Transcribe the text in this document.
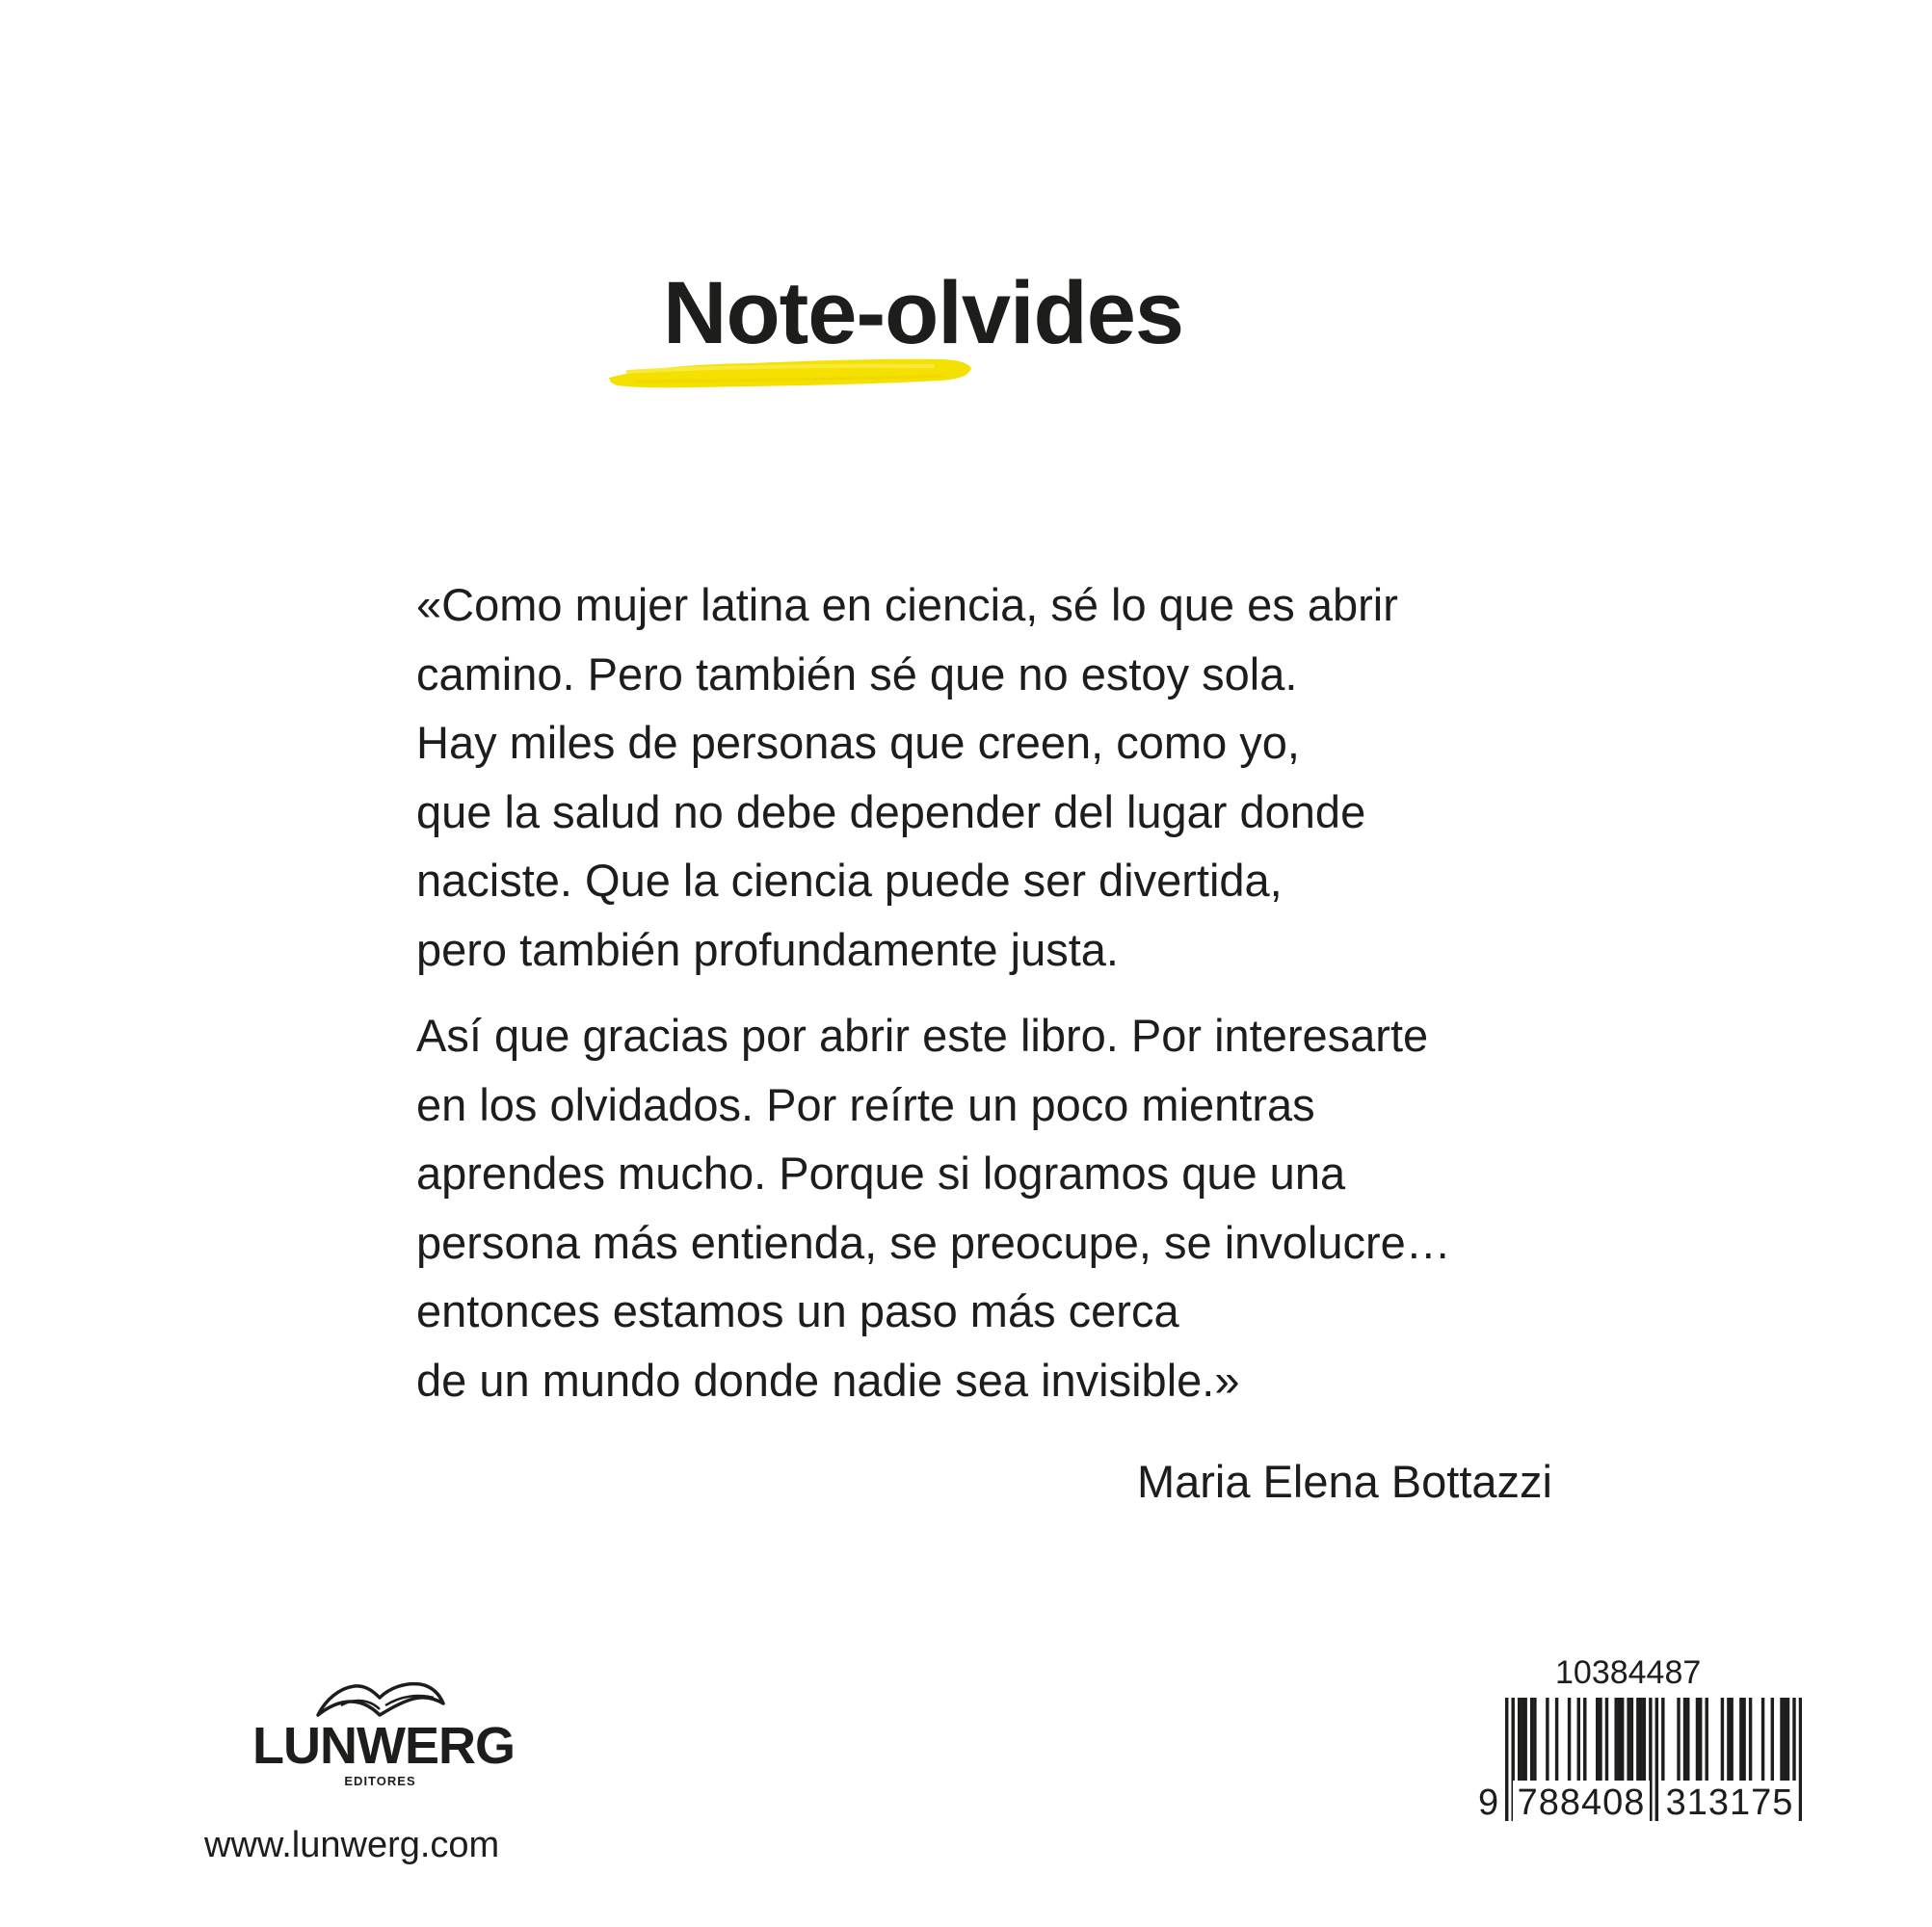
Note-olvides

«Como mujer latina en ciencia, sé lo que es abrir
camino. Pero también sé que no estoy sola.
Hay miles de personas que creen, como yo,
que la salud no debe depender del lugar donde
naciste. Que la ciencia puede ser divertida,
pero también profundamente justa.

Así que gracias por abrir este libro. Por interesarte
en los olvidados. Por reírte un poco mientras
aprendes mucho. Porque si logramos que una
persona más entienda, se preocupe, se involucre…
entonces estamos un paso más cerca
de un mundo donde nadie sea invisible.»

Maria Elena Bottazzi
LUNWERG
EDITORES
www.lunwerg.com
10384487
9 788408 313175
